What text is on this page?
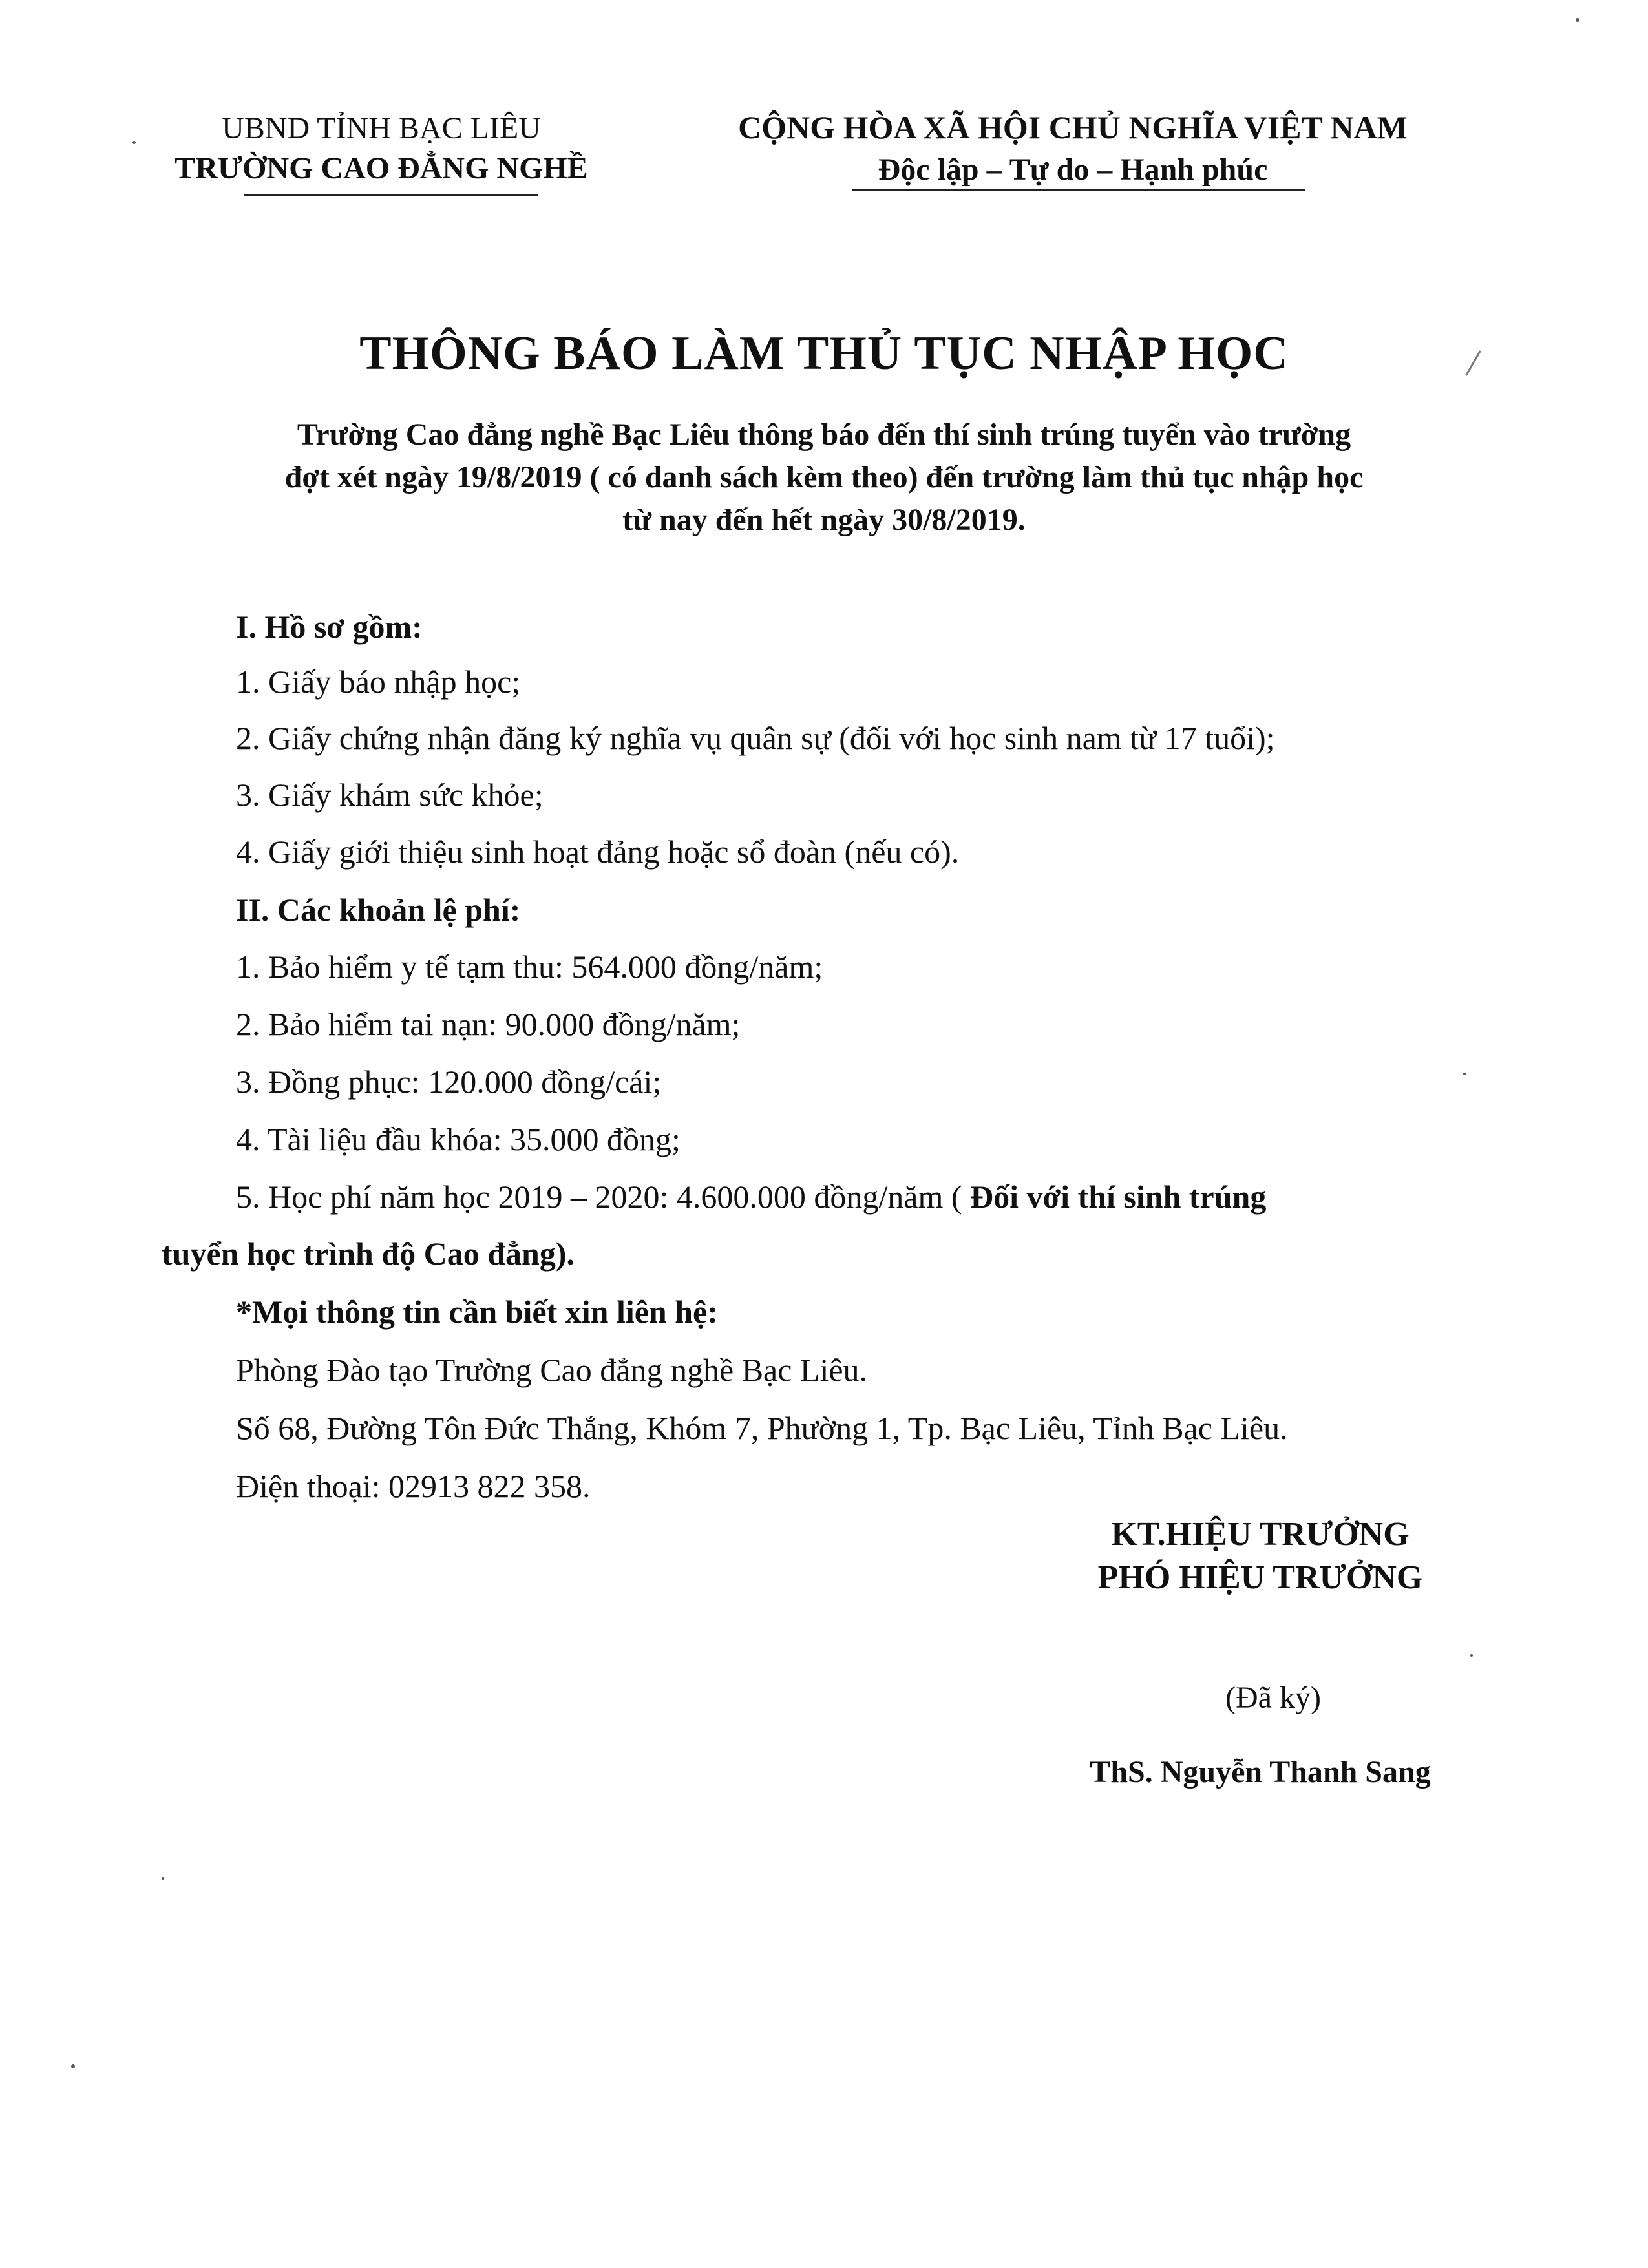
UBND TỈNH BẠC LIÊU
TRƯỜNG CAO ĐẲNG NGHỀ
CỘNG HÒA XÃ HỘI CHỦ NGHĨA VIỆT NAM
Độc lập – Tự do – Hạnh phúc
THÔNG BÁO LÀM THỦ TỤC NHẬP HỌC
Trường Cao đẳng nghề Bạc Liêu thông báo đến thí sinh trúng tuyển vào trường
đợt xét ngày 19/8/2019 ( có danh sách kèm theo) đến trường làm thủ tục nhập học
từ nay đến hết ngày 30/8/2019.
I. Hồ sơ gồm:
1. Giấy báo nhập học;
2. Giấy chứng nhận đăng ký nghĩa vụ quân sự (đối với học sinh nam từ 17 tuổi);
3. Giấy khám sức khỏe;
4. Giấy giới thiệu sinh hoạt đảng hoặc sổ đoàn (nếu có).
II. Các khoản lệ phí:
1. Bảo hiểm y tế tạm thu: 564.000 đồng/năm;
2. Bảo hiểm tai nạn: 90.000 đồng/năm;
3. Đồng phục: 120.000 đồng/cái;
4. Tài liệu đầu khóa: 35.000 đồng;
5. Học phí năm học 2019 – 2020: 4.600.000 đồng/năm ( Đối với thí sinh trúng
tuyển học trình độ Cao đẳng).
*Mọi thông tin cần biết xin liên hệ:
Phòng Đào tạo Trường Cao đẳng nghề Bạc Liêu.
Số 68, Đường Tôn Đức Thắng, Khóm 7, Phường 1, Tp. Bạc Liêu, Tỉnh Bạc Liêu.
Điện thoại: 02913 822 358.
KT.HIỆU TRƯỞNG
PHÓ HIỆU TRƯỞNG
(Đã ký)
ThS. Nguyễn Thanh Sang
